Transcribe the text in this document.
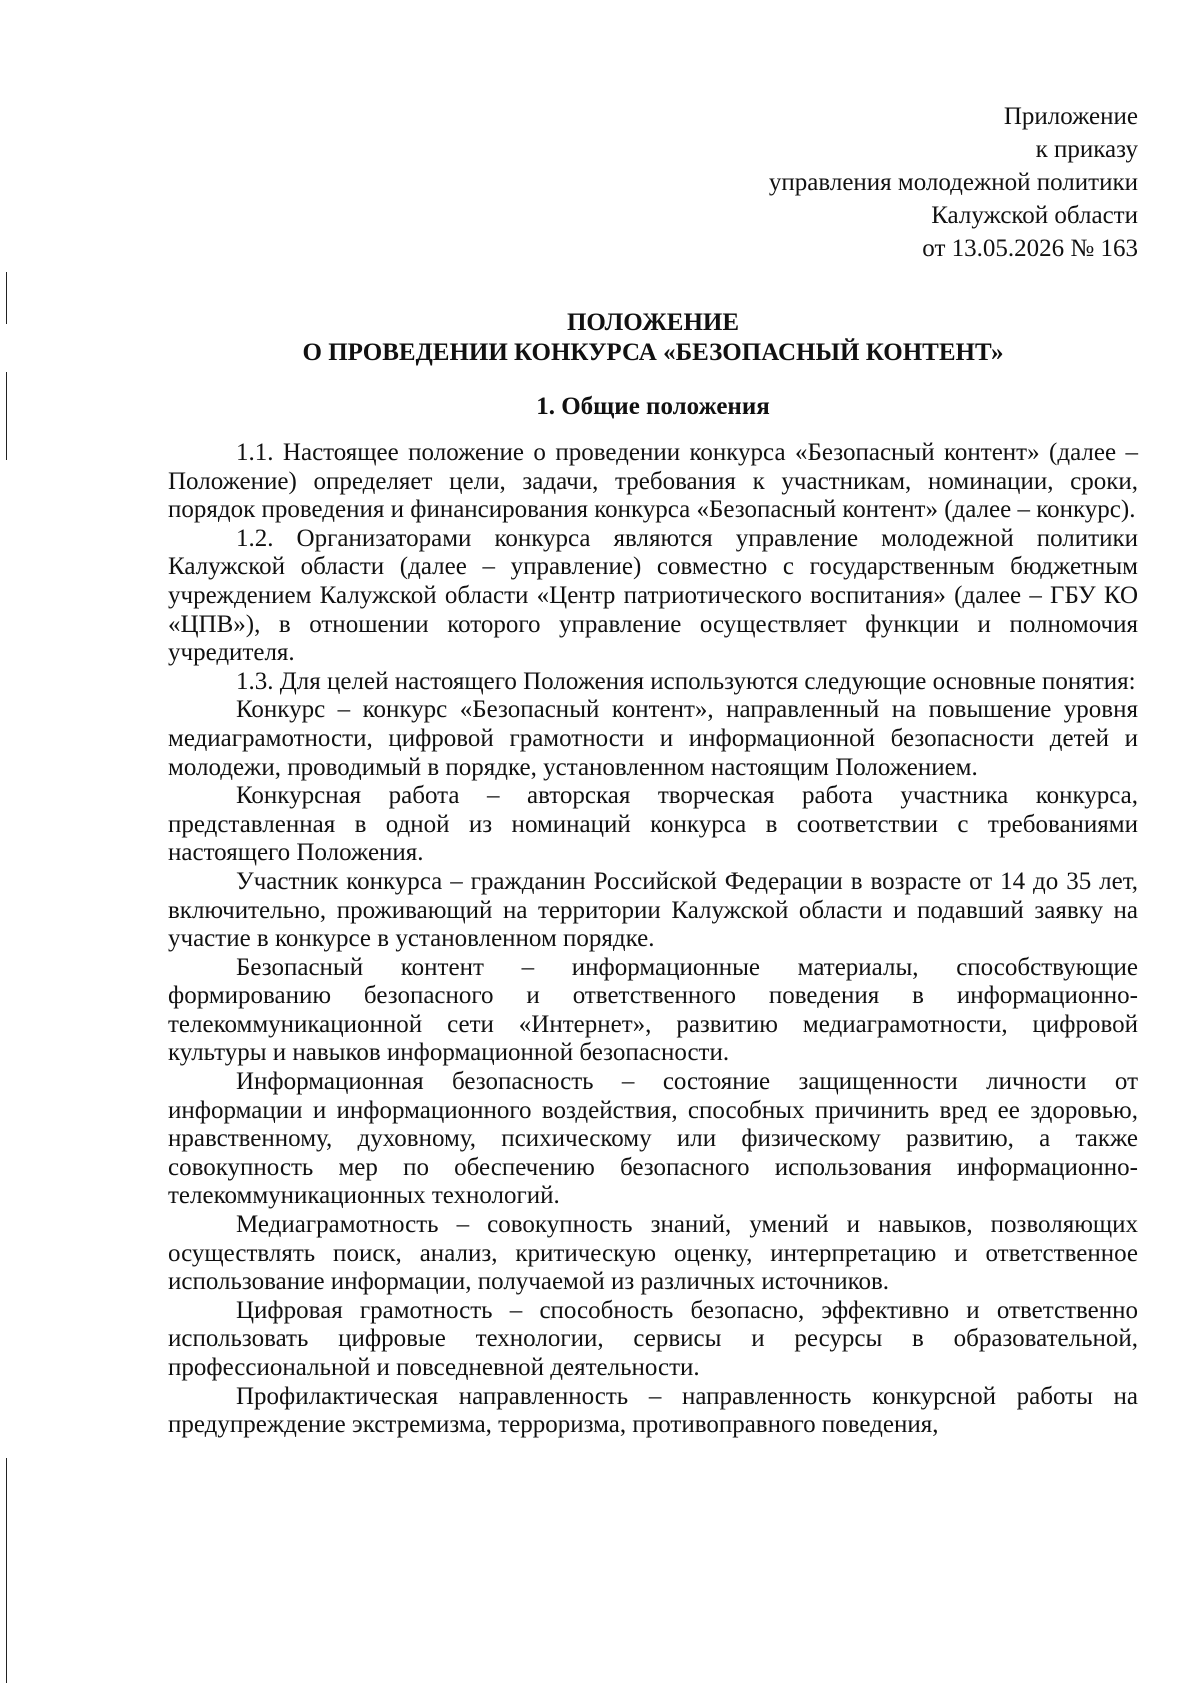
Приложение
к приказу
управления молодежной политики
Калужской области
от 13.05.2026 № 163
ПОЛОЖЕНИЕ
О ПРОВЕДЕНИИ КОНКУРСА «БЕЗОПАСНЫЙ КОНТЕНТ»
1. Общие положения

1.1. Настоящее положение о проведении конкурса «Безопасный контент» (далее – Положение) определяет цели, задачи, требования к участникам, номинации, сроки, порядок проведения и финансирования конкурса «Безопасный контент» (далее – конкурс).

1.2. Организаторами конкурса являются управление молодежной политики Калужской области (далее – управление) совместно с государственным бюджетным учреждением Калужской области «Центр патриотического воспитания» (далее – ГБУ КО «ЦПВ»), в отношении которого управление осуществляет функции и полномочия учредителя.

1.3. Для целей настоящего Положения используются следующие основные понятия:

Конкурс – конкурс «Безопасный контент», направленный на повышение уровня медиаграмотности, цифровой грамотности и информационной безопасности детей и молодежи, проводимый в порядке, установленном настоящим Положением.

Конкурсная работа – авторская творческая работа участника конкурса, представленная в одной из номинаций конкурса в соответствии с требованиями настоящего Положения.

Участник конкурса – гражданин Российской Федерации в возрасте от 14 до 35 лет, включительно, проживающий на территории Калужской области и подавший заявку на участие в конкурсе в установленном порядке.

Безопасный контент – информационные материалы, способствующие формированию безопасного и ответственного поведения в информационно-телекоммуникационной сети «Интернет», развитию медиаграмотности, цифровой культуры и навыков информационной безопасности.

Информационная безопасность – состояние защищенности личности от информации и информационного воздействия, способных причинить вред ее здоровью, нравственному, духовному, психическому или физическому развитию, а также совокупность мер по обеспечению безопасного использования информационно-телекоммуникационных технологий.

Медиаграмотность – совокупность знаний, умений и навыков, позволяющих осуществлять поиск, анализ, критическую оценку, интерпретацию и ответственное использование информации, получаемой из различных источников.

Цифровая грамотность – способность безопасно, эффективно и ответственно использовать цифровые технологии, сервисы и ресурсы в образовательной, профессиональной и повседневной деятельности.

Профилактическая направленность – направленность конкурсной работы на предупреждение экстремизма, терроризма, противоправного поведения,
